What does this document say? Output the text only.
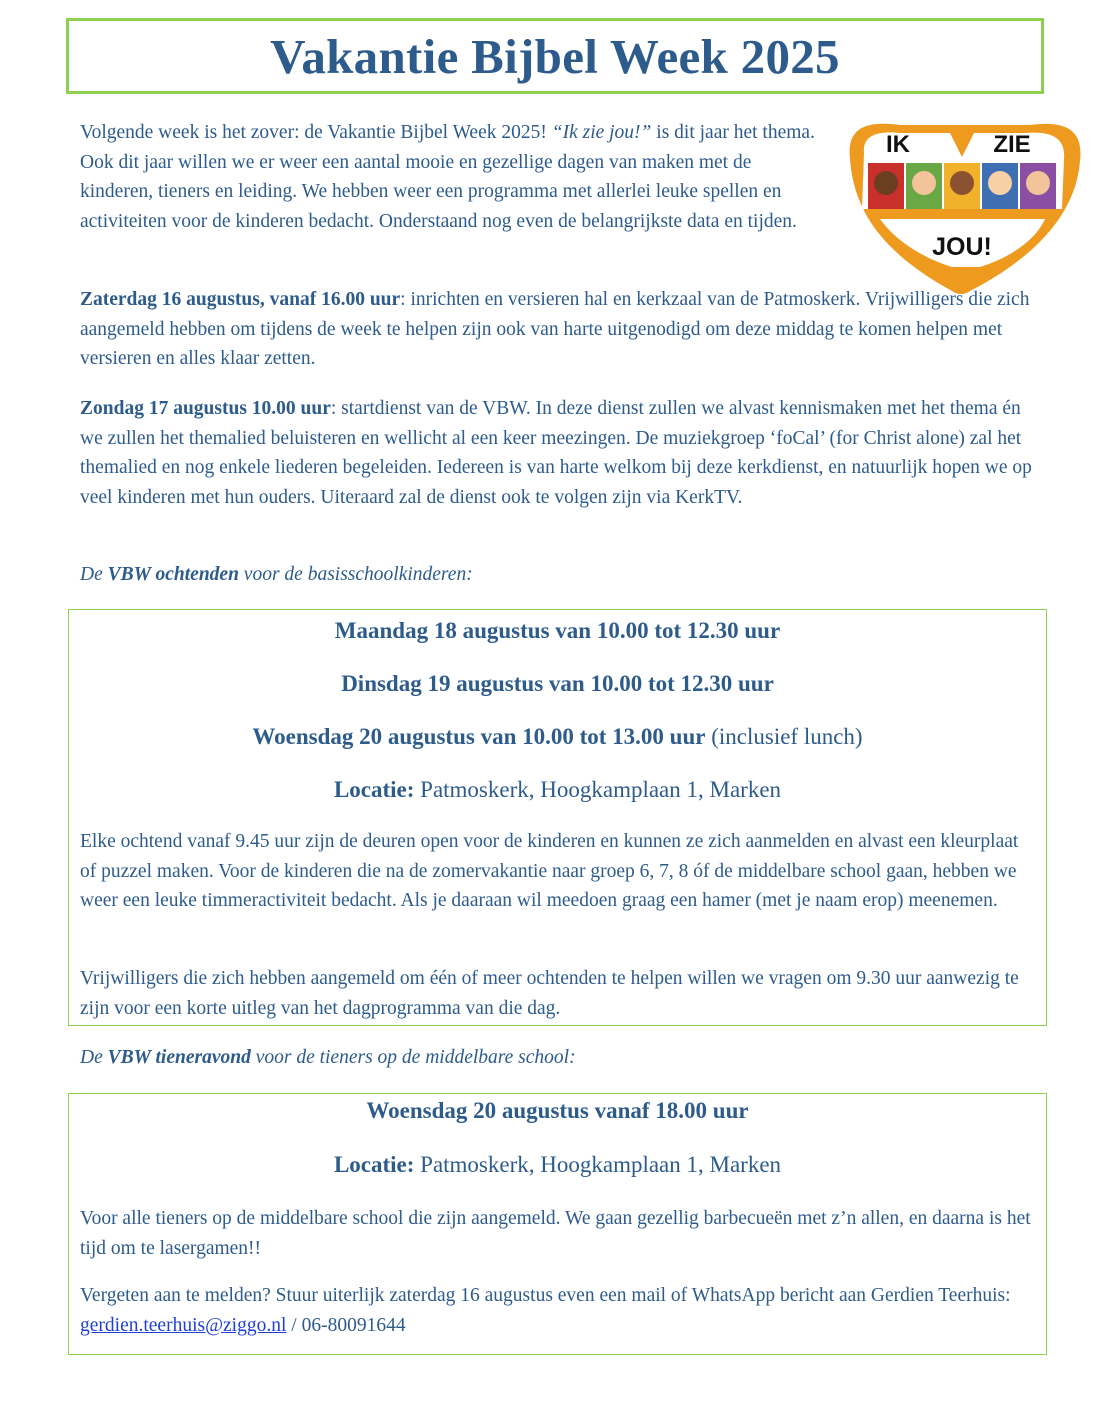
Vakantie Bijbel Week 2025
IK	ZIE
JOU!

Volgende week is het zover: de Vakantie Bijbel Week 2025! “Ik zie jou!” is dit jaar het thema. Ook dit jaar willen we er weer een aantal mooie en gezellige dagen van maken met de kinderen, tieners en leiding. We hebben weer een programma met allerlei leuke spellen en activiteiten voor de kinderen bedacht. Onderstaand nog even de belangrijkste data en tijden.

Zaterdag 16 augustus, vanaf 16.00 uur: inrichten en versieren hal en kerkzaal van de Patmoskerk. Vrijwilligers die zich aangemeld hebben om tijdens de week te helpen zijn ook van harte uitgenodigd om deze middag te komen helpen met versieren en alles klaar zetten.

Zondag 17 augustus 10.00 uur: startdienst van de VBW. In deze dienst zullen we alvast kennismaken met het thema én we zullen het themalied beluisteren en wellicht al een keer meezingen. De muziekgroep ‘foCal’ (for Christ alone) zal het themalied en nog enkele liederen begeleiden. Iedereen is van harte welkom bij deze kerkdienst, en natuurlijk hopen we op veel kinderen met hun ouders. Uiteraard zal de dienst ook te volgen zijn via KerkTV.

De VBW ochtenden voor de basisschoolkinderen:

Maandag 18 augustus van 10.00 tot 12.30 uur
Dinsdag 19 augustus van 10.00 tot 12.30 uur
Woensdag 20 augustus van 10.00 tot 13.00 uur (inclusief lunch)
Locatie: Patmoskerk, Hoogkamplaan 1, Marken

Elke ochtend vanaf 9.45 uur zijn de deuren open voor de kinderen en kunnen ze zich aanmelden en alvast een kleurplaat of puzzel maken. Voor de kinderen die na de zomervakantie naar groep 6, 7, 8 óf de middelbare school gaan, hebben we weer een leuke timmeractiviteit bedacht. Als je daaraan wil meedoen graag een hamer (met je naam erop) meenemen.

Vrijwilligers die zich hebben aangemeld om één of meer ochtenden te helpen willen we vragen om 9.30 uur aanwezig te zijn voor een korte uitleg van het dagprogramma van die dag.

De VBW tieneravond voor de tieners op de middelbare school:

Woensdag 20 augustus vanaf 18.00 uur
Locatie: Patmoskerk, Hoogkamplaan 1, Marken

Voor alle tieners op de middelbare school die zijn aangemeld. We gaan gezellig barbecueën met z’n allen, en daarna is het tijd om te lasergamen!!

Vergeten aan te melden? Stuur uiterlijk zaterdag 16 augustus even een mail of WhatsApp bericht aan Gerdien Teerhuis: gerdien.teerhuis@ziggo.nl / 06-80091644
